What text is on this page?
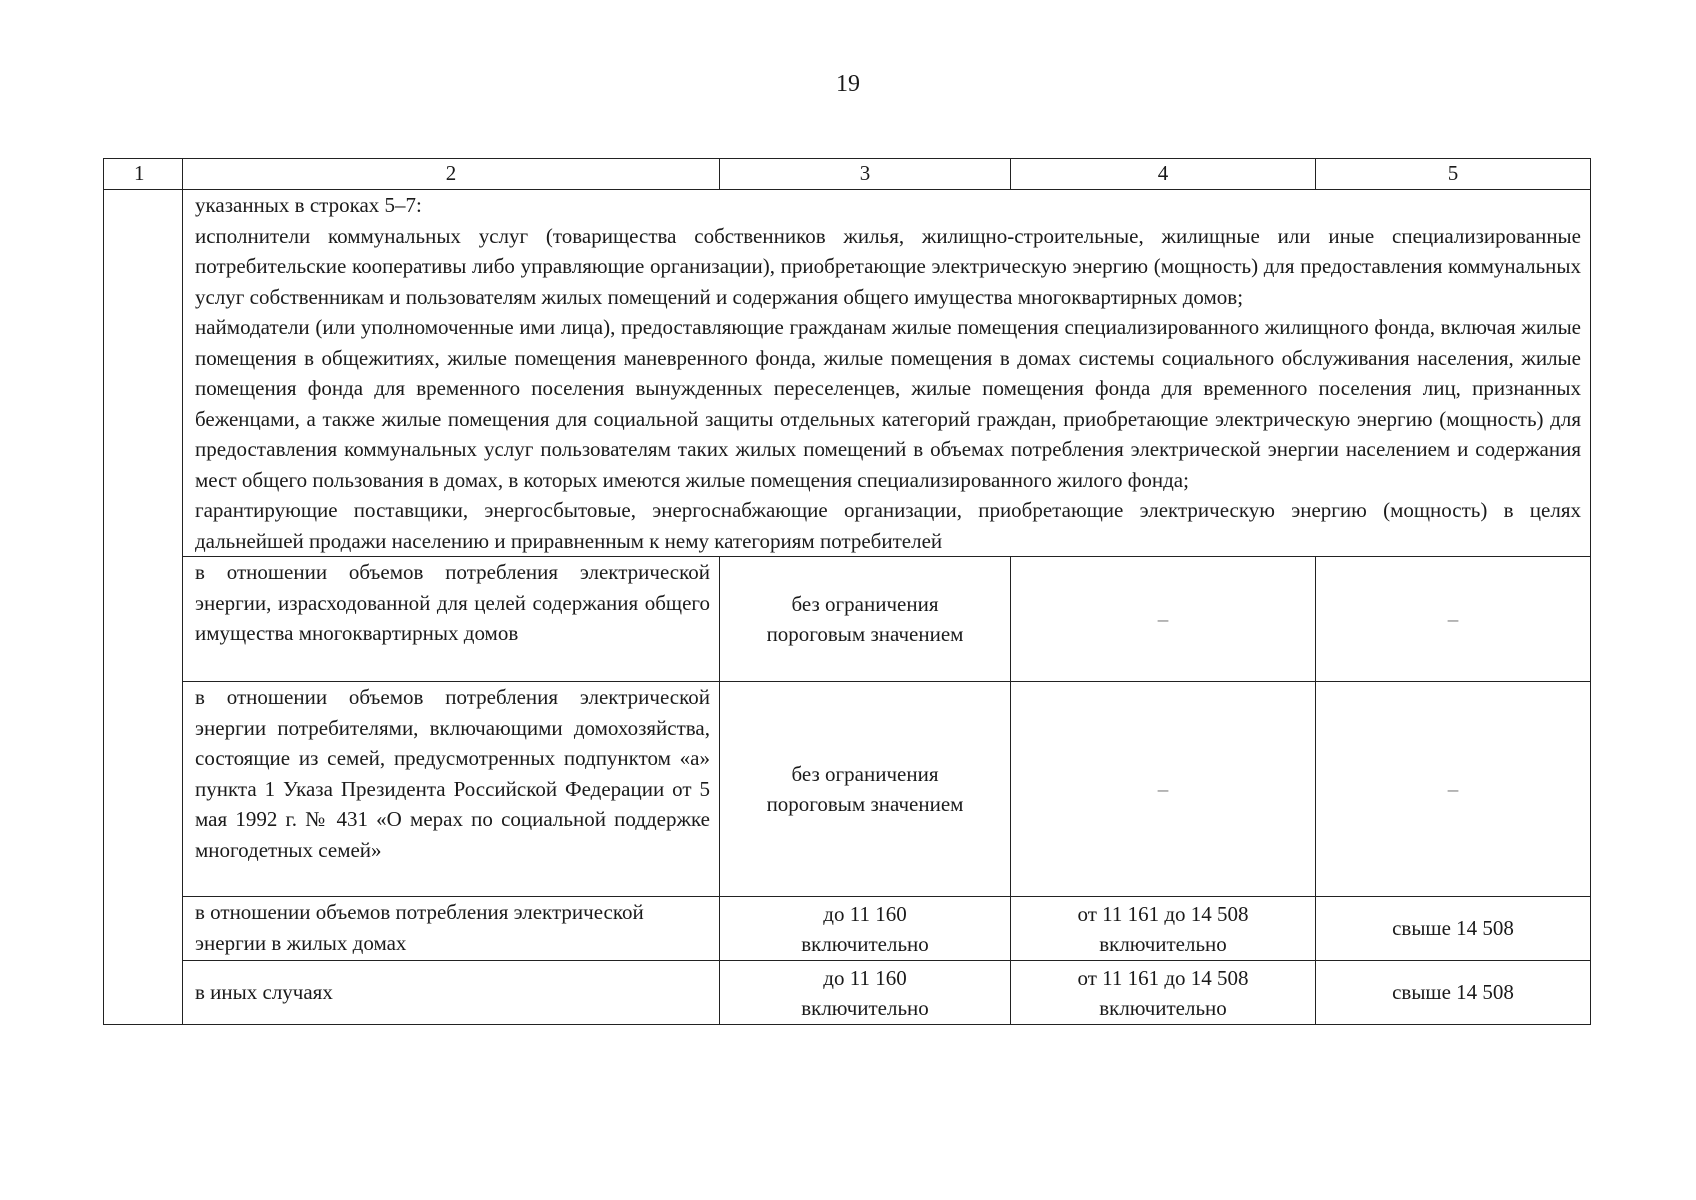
19
1	2	3	4	5

	указанных в строках 5–7:

исполнители коммунальных услуг (товарищества собственников жилья, жилищно-строительные, жилищные или иные специализированные потребительские кооперативы либо управляющие организации), приобретающие электрическую энергию (мощность) для предоставления коммунальных услуг собственникам и пользователям жилых помещений и содержания общего имущества многоквартирных домов;

наймодатели (или уполномоченные ими лица), предоставляющие гражданам жилые помещения специализированного жилищного фонда, включая жилые помещения в общежитиях, жилые помещения маневренного фонда, жилые помещения в домах системы социального обслуживания населения, жилые помещения фонда для временного поселения вынужденных переселенцев, жилые помещения фонда для временного поселения лиц, признанных беженцами, а также жилые помещения для социальной защиты отдельных категорий граждан, приобретающие электрическую энергию (мощность) для предоставления коммунальных услуг пользователям таких жилых помещений в объемах потребления электрической энергии населением и содержания мест общего пользования в домах, в которых имеются жилые помещения специализированного жилого фонда;

гарантирующие поставщики, энергосбытовые, энергоснабжающие организации, приобретающие электрическую энергию (мощность) в целях дальнейшей продажи населению и приравненным к нему категориям потребителей			

	в отношении объемов потребления электрической энергии, израсходованной для целей содержания общего имущества многоквартирных домов	без ограничения пороговым значением	–	–
	в отношении объемов потребления электрической энергии потребителями, включающими домохозяйства, состоящие из семей, предусмотренных подпунктом «а» пункта 1 Указа Президента Российской Федерации от 5 мая 1992 г. № 431 «О мерах по социальной поддержке многодетных семей»	без ограничения пороговым значением	–	–
	в отношении объемов потребления электрической энергии в жилых домах	до 11 160 включительно	от 11 161 до 14 508 включительно	свыше 14 508
	в иных случаях	до 11 160 включительно	от 11 161 до 14 508 включительно	свыше 14 508
